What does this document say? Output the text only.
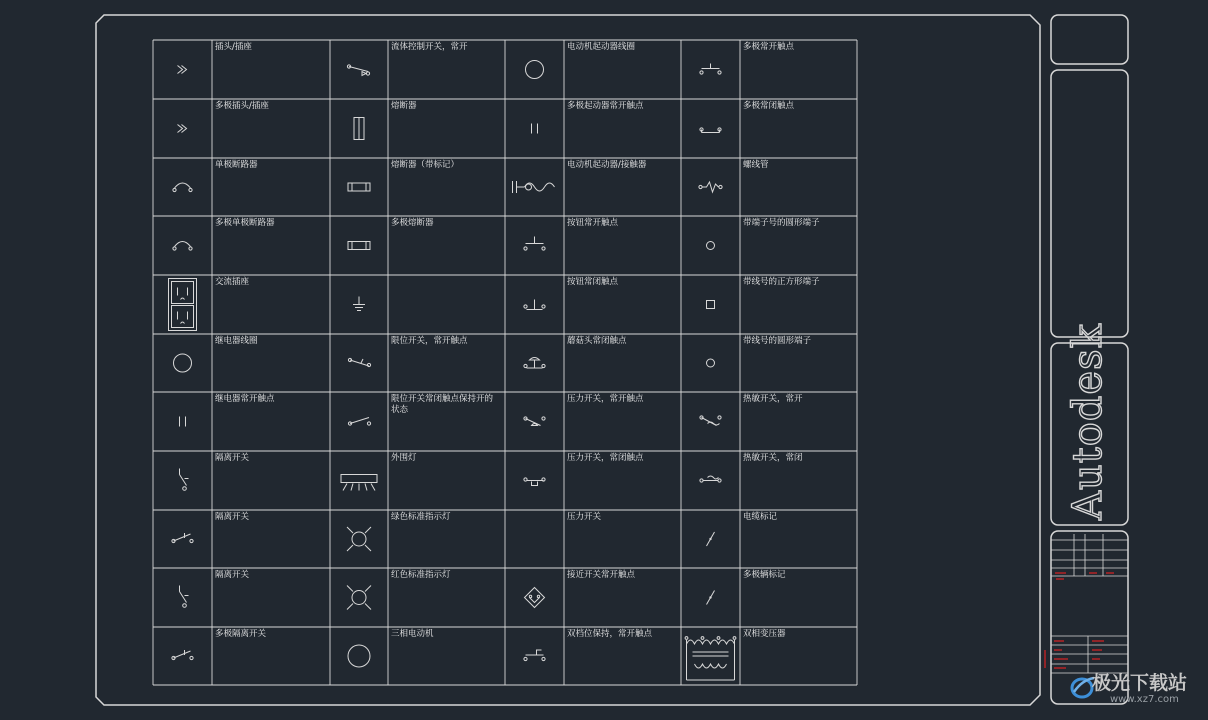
插头/插座
多极插头/插座
单极断路器
多极单极断路器
交流插座
继电器线圈
继电器常开触点
隔离开关
隔离开关
隔离开关
多极隔离开关
流体控制开关，常开
熔断器
熔断器（带标记）
多极熔断器
限位开关，常开触点
限位开关常闭触点保持开的状态
外围灯
绿色标准指示灯
红色标准指示灯
三相电动机
电动机起动器线圈
多极起动器常开触点
电动机起动器/接触器
按钮常开触点
按钮常闭触点
蘑菇头常闭触点
压力开关，常开触点
压力开关，常闭触点
压力开关
接近开关常开触点
双档位保持，常开触点
多极常开触点
多极常闭触点
螺线管
带端子号的圆形端子
带线号的正方形端子
带线号的圆形端子
热敏开关，常开
热敏开关，常闭
电缆标记
多极辆标记
双相变压器
Autodesk
极光下载站
www.xz7.com
